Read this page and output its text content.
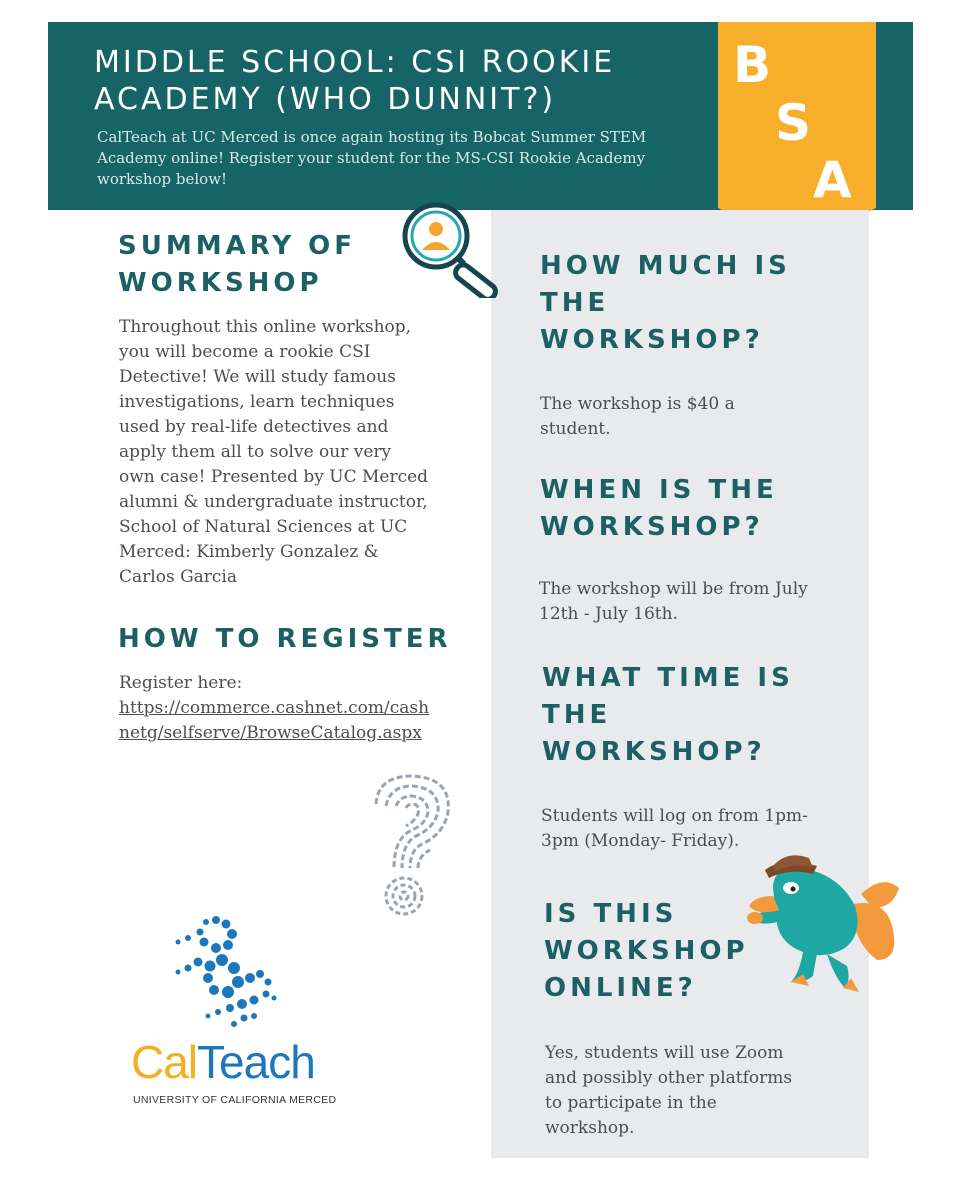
MIDDLE SCHOOL: CSI ROOKIE
ACADEMY (WHO DUNNIT?)

CalTeach at UC Merced is once again hosting its Bobcat Summer STEM
Academy online! Register your student for the MS-CSI Rookie Academy
workshop below!

B
S
A
SUMMARY OF
WORKSHOP

Throughout this online workshop,
you will become a rookie CSI
Detective! We will study famous
investigations, learn techniques
used by real-life detectives and
apply them all to solve our very
own case! Presented by UC Merced
alumni & undergraduate instructor,
School of Natural Sciences at UC
Merced: Kimberly Gonzalez &
Carlos Garcia

HOW TO REGISTER

Register here:

https://commerce.cashnet.com/cash
netg/selfserve/BrowseCatalog.aspx
CalTeach
UNIVERSITY OF CALIFORNIA MERCED
HOW MUCH IS
THE
WORKSHOP?

The workshop is $40 a
student.

WHEN IS THE
WORKSHOP?

The workshop will be from July
12th - July 16th.

WHAT TIME IS
THE
WORKSHOP?

Students will log on from 1pm-
3pm (Monday- Friday).

IS THIS
WORKSHOP
ONLINE?

Yes, students will use Zoom
and possibly other platforms
to participate in the
workshop.
